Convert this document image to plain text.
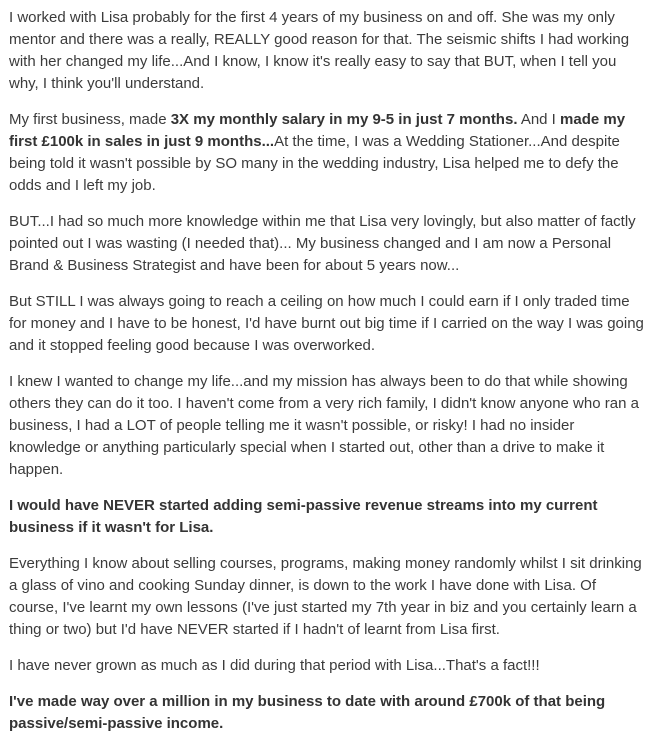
I worked with Lisa probably for the first 4 years of my business on and off. She was my only mentor and there was a really, REALLY good reason for that. The seismic shifts I had working with her changed my life...And I know, I know it's really easy to say that BUT, when I tell you why, I think you'll understand.

My first business, made 3X my monthly salary in my 9-5 in just 7 months. And I made my first £100k in sales in just 9 months...At the time, I was a Wedding Stationer...And despite being told it wasn't possible by SO many in the wedding industry, Lisa helped me to defy the odds and I left my job.

BUT...I had so much more knowledge within me that Lisa very lovingly, but also matter of factly pointed out I was wasting (I needed that)... My business changed and I am now a Personal Brand & Business Strategist and have been for about 5 years now...

But STILL I was always going to reach a ceiling on how much I could earn if I only traded time for money and I have to be honest, I'd have burnt out big time if I carried on the way I was going and it stopped feeling good because I was overworked.

I knew I wanted to change my life...and my mission has always been to do that while showing others they can do it too. I haven't come from a very rich family, I didn't know anyone who ran a business, I had a LOT of people telling me it wasn't possible, or risky! I had no insider knowledge or anything particularly special when I started out, other than a drive to make it happen.

I would have NEVER started adding semi-passive revenue streams into my current business if it wasn't for Lisa.

Everything I know about selling courses, programs, making money randomly whilst I sit drinking a glass of vino and cooking Sunday dinner, is down to the work I have done with Lisa. Of course, I've learnt my own lessons (I've just started my 7th year in biz and you certainly learn a thing or two) but I'd have NEVER started if I hadn't of learnt from Lisa first.

I have never grown as much as I did during that period with Lisa...That's a fact!!!

I've made way over a million in my business to date with around £700k of that being passive/semi-passive income.
